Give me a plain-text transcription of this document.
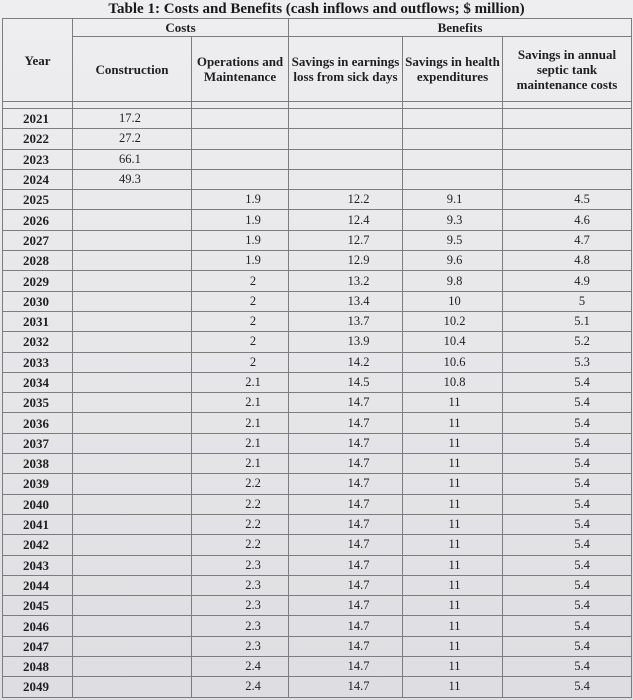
Table 1: Costs and Benefits (cash inflows and outflows; $ million)
Year	Costs		Benefits		
	Construction	Operations and Maintenance	Savings in earnings loss from sick days	Savings in health expenditures	Savings in annual septic tank maintenance costs

2021	17.2				
2022	27.2				
2023	66.1				
2024	49.3				
2025		1.9	12.2	9.1	4.5
2026		1.9	12.4	9.3	4.6
2027		1.9	12.7	9.5	4.7
2028		1.9	12.9	9.6	4.8
2029		2	13.2	9.8	4.9
2030		2	13.4	10	5
2031		2	13.7	10.2	5.1
2032		2	13.9	10.4	5.2
2033		2	14.2	10.6	5.3
2034		2.1	14.5	10.8	5.4
2035		2.1	14.7	11	5.4
2036		2.1	14.7	11	5.4
2037		2.1	14.7	11	5.4
2038		2.1	14.7	11	5.4
2039		2.2	14.7	11	5.4
2040		2.2	14.7	11	5.4
2041		2.2	14.7	11	5.4
2042		2.2	14.7	11	5.4
2043		2.3	14.7	11	5.4
2044		2.3	14.7	11	5.4
2045		2.3	14.7	11	5.4
2046		2.3	14.7	11	5.4
2047		2.3	14.7	11	5.4
2048		2.4	14.7	11	5.4
2049		2.4	14.7	11	5.4
